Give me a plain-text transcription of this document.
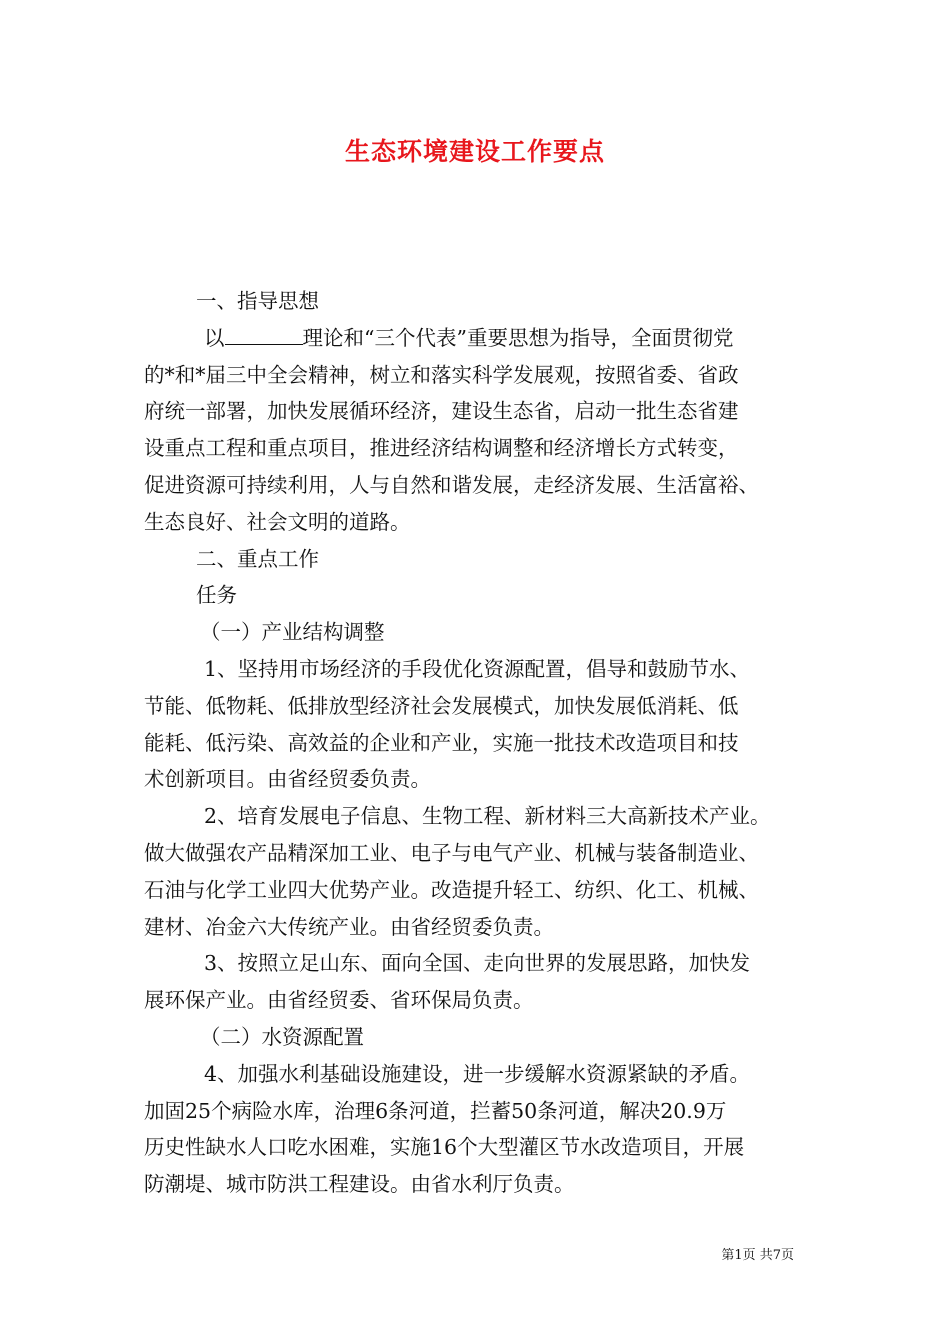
生态环境建设工作要点
一、指导思想
以	理论和“三个代表”重要思想为指导，全面贯彻党
的*和*届三中全会精神，树立和落实科学发展观，按照省委、省政
府统一部署，加快发展循环经济，建设生态省，启动一批生态省建
设重点工程和重点项目，推进经济结构调整和经济增长方式转变，
促进资源可持续利用，人与自然和谐发展，走经济发展、生活富裕、
生态良好、社会文明的道路。
二、重点工作
任务
（一）产业结构调整
1、坚持用市场经济的手段优化资源配置，倡导和鼓励节水、
节能、低物耗、低排放型经济社会发展模式，加快发展低消耗、低
能耗、低污染、高效益的企业和产业，实施一批技术改造项目和技
术创新项目。由省经贸委负责。
2、培育发展电子信息、生物工程、新材料三大高新技术产业。
做大做强农产品精深加工业、电子与电气产业、机械与装备制造业、
石油与化学工业四大优势产业。改造提升轻工、纺织、化工、机械、
建材、冶金六大传统产业。由省经贸委负责。
3、按照立足山东、面向全国、走向世界的发展思路，加快发
展环保产业。由省经贸委、省环保局负责。
（二）水资源配置
4、加强水利基础设施建设，进一步缓解水资源紧缺的矛盾。
加固25个病险水库，治理6条河道，拦蓄50条河道，解决20.9万
历史性缺水人口吃水困难，实施16个大型灌区节水改造项目，开展
防潮堤、城市防洪工程建设。由省水利厅负责。
第1页 共7页
